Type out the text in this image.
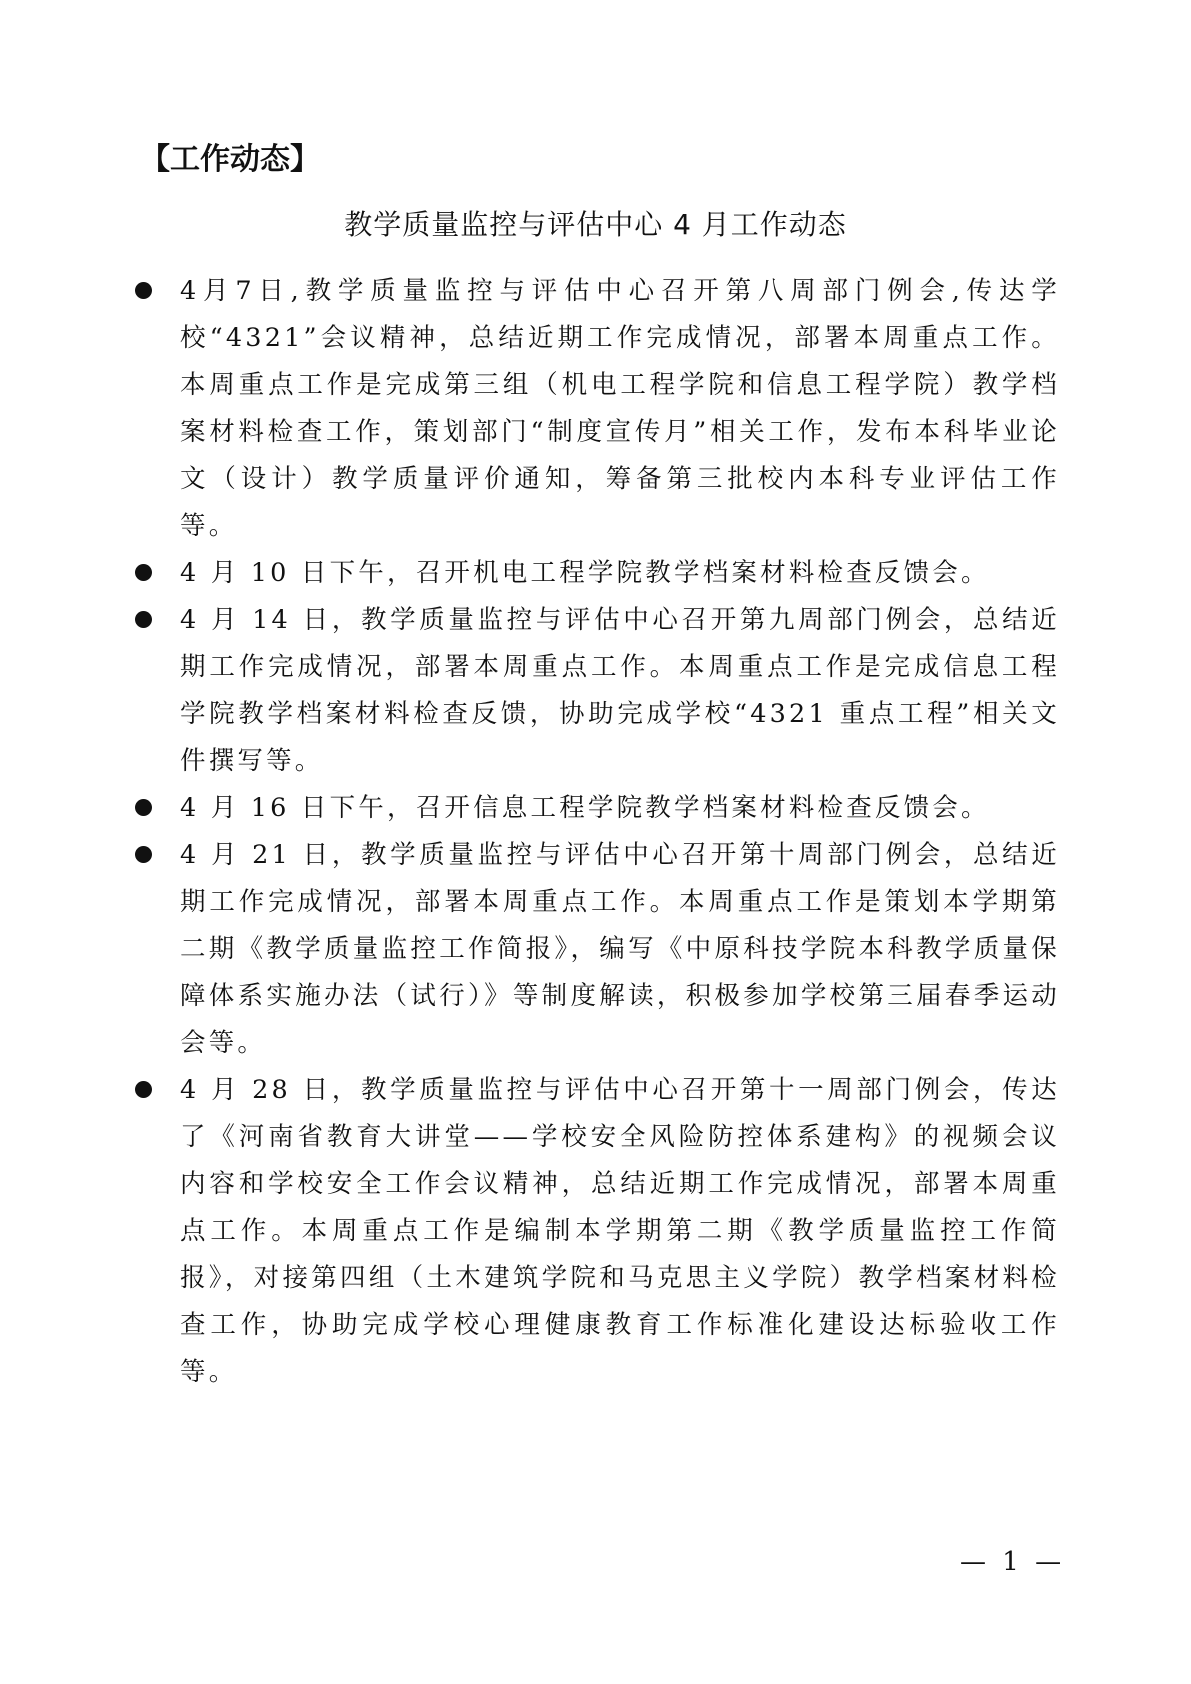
【工作动态】
教学质量监控与评估中心 4 月工作动态
4月7日,教学质量监控与评估中心召开第八周部门例会,传达学校“4321”会议精神，总结近期工作完成情况，部署本周重点工作。本周重点工作是完成第三组（机电工程学院和信息工程学院）教学档案材料检查工作，策划部门“制度宣传月”相关工作，发布本科毕业论文（设计）教学质量评价通知，筹备第三批校内本科专业评估工作等。
4 月 10 日下午，召开机电工程学院教学档案材料检查反馈会。
4 月 14 日，教学质量监控与评估中心召开第九周部门例会，总结近期工作完成情况，部署本周重点工作。本周重点工作是完成信息工程学院教学档案材料检查反馈，协助完成学校“4321 重点工程”相关文件撰写等。
4 月 16 日下午，召开信息工程学院教学档案材料检查反馈会。
4 月 21 日，教学质量监控与评估中心召开第十周部门例会，总结近期工作完成情况，部署本周重点工作。本周重点工作是策划本学期第二期《教学质量监控工作简报》，编写《中原科技学院本科教学质量保障体系实施办法（试行）》等制度解读，积极参加学校第三届春季运动会等。
4 月 28 日，教学质量监控与评估中心召开第十一周部门例会，传达了《河南省教育大讲堂——学校安全风险防控体系建构》的视频会议内容和学校安全工作会议精神，总结近期工作完成情况，部署本周重点工作。本周重点工作是编制本学期第二期《教学质量监控工作简报》，对接第四组（土木建筑学院和马克思主义学院）教学档案材料检查工作，协助完成学校心理健康教育工作标准化建设达标验收工作等。
— 1 —
